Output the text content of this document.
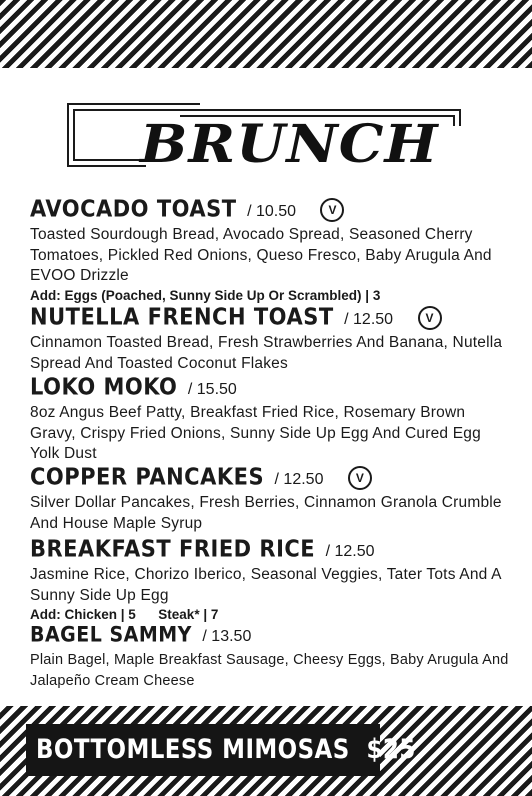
BRUNCH
AVOCADO TOAST / 10.50	V
Toasted Sourdough Bread, Avocado Spread, Seasoned Cherry Tomatoes, Pickled Red Onions, Queso Fresco, Baby Arugula And EVOO Drizzle
Add: Eggs (Poached, Sunny Side Up Or Scrambled) | 3
NUTELLA FRENCH TOAST / 12.50	V
Cinnamon Toasted Bread, Fresh Strawberries And Banana, Nutella Spread And Toasted Coconut Flakes
LOKO MOKO / 15.50
8oz Angus Beef Patty, Breakfast Fried Rice, Rosemary Brown Gravy, Crispy Fried Onions, Sunny Side Up Egg And Cured Egg Yolk Dust
COPPER PANCAKES / 12.50	V
Silver Dollar Pancakes, Fresh Berries, Cinnamon Granola Crumble And House Maple Syrup
BREAKFAST FRIED RICE / 12.50
Jasmine Rice, Chorizo Iberico, Seasonal Veggies, Tater Tots And A Sunny Side Up Egg
Add: Chicken | 5      Steak* | 7
BAGEL SAMMY / 13.50
Plain Bagel, Maple Breakfast Sausage, Cheesy Eggs, Baby Arugula And Jalapeño Cream Cheese
BOTTOMLESS MIMOSAS  $25
